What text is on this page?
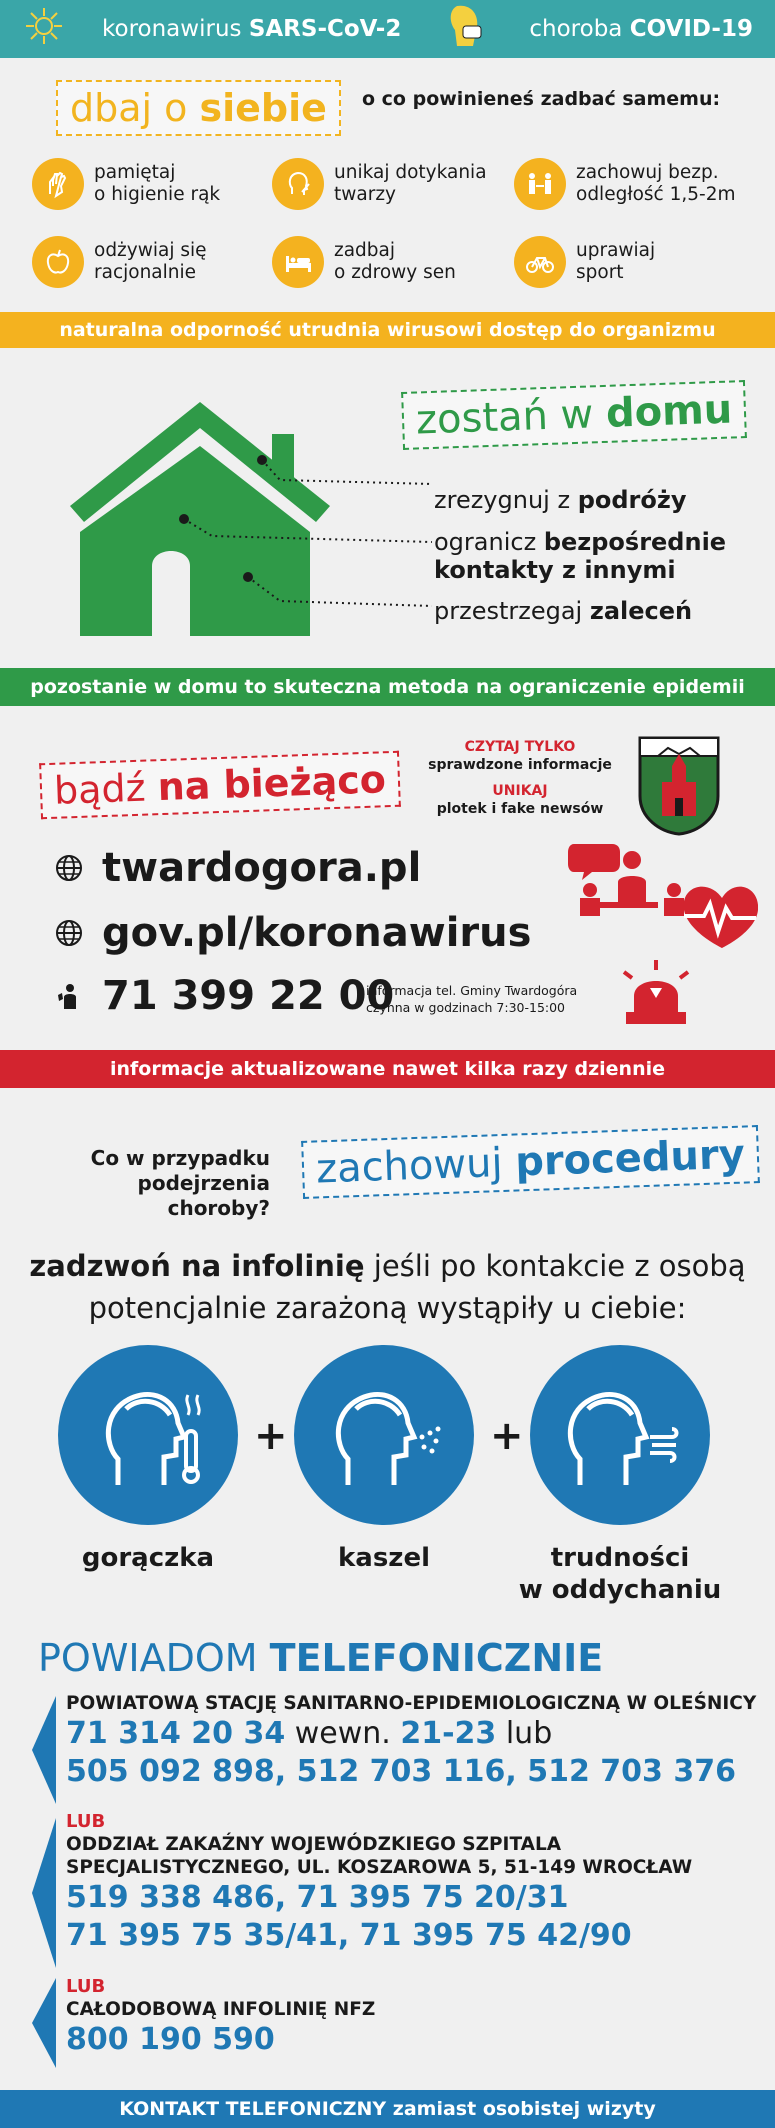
koronawirus SARS-CoV-2	choroba COVID-19
dbaj o siebie	o co powinieneś zadbać samemu:
pamiętaj
o higienie rąk
unikaj dotykania
twarzy
zachowuj bezp.
odległość 1,5-2m
odżywiaj się
racjonalnie
zadbaj
o zdrowy sen
uprawiaj
sport
naturalna odporność utrudnia wirusowi dostęp do organizmu
zostań w domu
zrezygnuj z podróży
ogranicz bezpośrednie
kontakty z innymi
przestrzegaj zaleceń
pozostanie w domu to skuteczna metoda na ograniczenie epidemii
bądź na bieżąco
CZYTAJ TYLKO
sprawdzone informacje
UNIKAJ
plotek i fake newsów
twardogora.pl
gov.pl/koronawirus
71 399 22 00
informacja tel. Gminy Twardogóra
czynna w godzinach 7:30-15:00
informacje aktualizowane nawet kilka razy dziennie
Co w przypadku
podejrzenia choroby?
zachowuj procedury
zadzwoń na infolinię jeśli po kontakcie z osobą
potencjalnie zarażoną wystąpiły u ciebie:
+	+
gorączka	kaszel	trudności
w oddychaniu
POWIADOM TELEFONICZNIE
POWIATOWĄ STACJĘ SANITARNO-EPIDEMIOLOGICZNĄ W OLEŚNICY
71 314 20 34 wewn. 21-23 lub
505 092 898, 512 703 116, 512 703 376
LUB
ODDZIAŁ ZAKAŹNY WOJEWÓDZKIEGO SZPITALA
SPECJALISTYCZNEGO, UL. KOSZAROWA 5, 51-149 WROCŁAW
519 338 486, 71 395 75 20/31
71 395 75 35/41, 71 395 75 42/90
LUB
CAŁODOBOWĄ INFOLINIĘ NFZ
800 190 590
KONTAKT TELEFONICZNY zamiast osobistej wizyty
